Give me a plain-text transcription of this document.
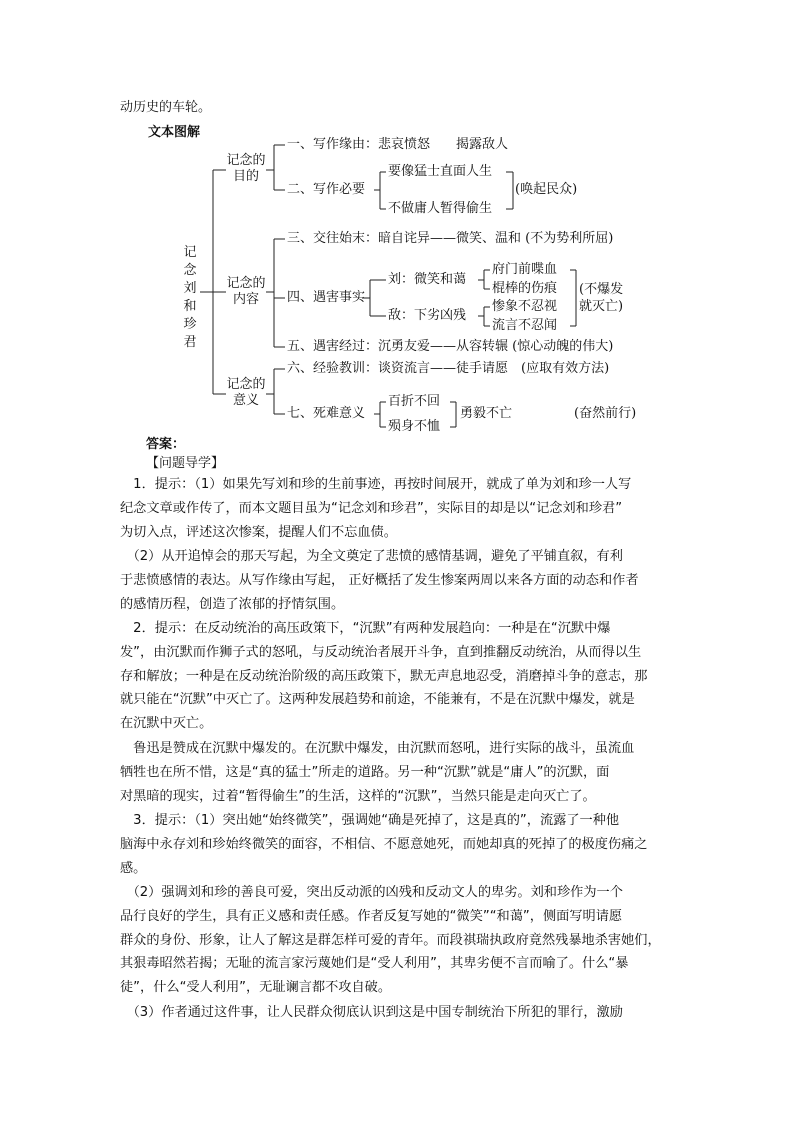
动历史的车轮。
文本图解
记
念
刘
和
珍
君
记念的
目的
一、写作缘由：悲哀愤怒　　揭露敌人
二、写作必要
要像猛士直面人生
不做庸人暂得偷生
(唤起民众)
记念的
内容
三、交往始末：暗自诧异——微笑、温和 (不为势利所屈)
四、遇害事实
刘：微笑和蔼
府门前喋血
棍棒的伤痕
敌：下劣凶残
惨象不忍视
流言不忍闻
(不爆发
就灭亡)
五、遇害经过：沉勇友爱——从容转辗 (惊心动魄的伟大)
记念的
意义
六、经验教训：谈资流言——徒手请愿　(应取有效方法)
七、死难意义
百折不回
殒身不恤
勇毅不亡	(奋然前行)
答案：
【问题导学】
　1．提示：（1）如果先写刘和珍的生前事迹，再按时间展开，就成了单为刘和珍一人写
纪念文章或作传了，而本文题目虽为“记念刘和珍君”，实际目的却是以“记念刘和珍君”
为切入点，评述这次惨案，提醒人们不忘血债。
　（2）从开追悼会的那天写起，为全文奠定了悲愤的感情基调，避免了平铺直叙，有利
于悲愤感情的表达。从写作缘由写起， 正好概括了发生惨案两周以来各方面的动态和作者
的感情历程，创造了浓郁的抒情氛围。
　2．提示：在反动统治的高压政策下，“沉默”有两种发展趋向：一种是在“沉默中爆
发”，由沉默而作狮子式的怒吼，与反动统治者展开斗争，直到推翻反动统治，从而得以生
存和解放；一种是在反动统治阶级的高压政策下，默无声息地忍受，消磨掉斗争的意志，那
就只能在“沉默”中灭亡了。这两种发展趋势和前途，不能兼有，不是在沉默中爆发，就是
在沉默中灭亡。
　鲁迅是赞成在沉默中爆发的。在沉默中爆发，由沉默而怒吼，进行实际的战斗，虽流血
牺牲也在所不惜，这是“真的猛士”所走的道路。另一种“沉默”就是“庸人”的沉默，面
对黑暗的现实，过着“暂得偷生”的生活，这样的“沉默”，当然只能是走向灭亡了。
　3．提示：（1）突出她“始终微笑”，强调她“确是死掉了，这是真的”，流露了一种他
脑海中永存刘和珍始终微笑的面容，不相信、不愿意她死，而她却真的死掉了的极度伤痛之
感。
　（2）强调刘和珍的善良可爱，突出反动派的凶残和反动文人的卑劣。刘和珍作为一个
品行良好的学生，具有正义感和责任感。作者反复写她的“微笑”“和蔼”，侧面写明请愿
群众的身份、形象，让人了解这是群怎样可爱的青年。而段祺瑞执政府竟然残暴地杀害她们，
其狠毒昭然若揭；无耻的流言家污蔑她们是“受人利用”，其卑劣便不言而喻了。什么“暴
徒”，什么“受人利用”，无耻谰言都不攻自破。
　（3）作者通过这件事，让人民群众彻底认识到这是中国专制统治下所犯的罪行，激励
